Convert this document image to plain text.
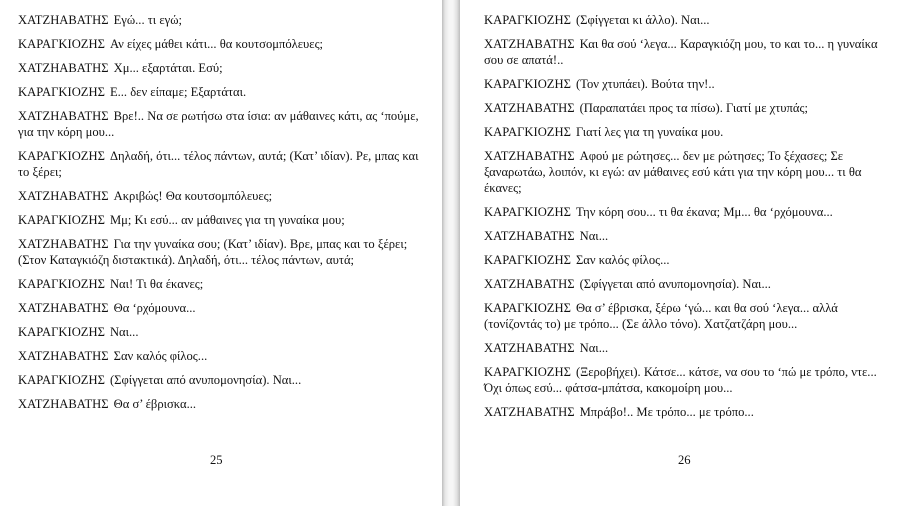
ΧΑΤΖΗΑΒΑΤΗΣ Εγώ... τι εγώ;

ΚΑΡΑΓΚΙΟΖΗΣ Αν είχες μάθει κάτι... θα κουτσομπόλευες;

ΧΑΤΖΗΑΒΑΤΗΣ Χμ... εξαρτάται. Εσύ;

ΚΑΡΑΓΚΙΟΖΗΣ Ε... δεν είπαμε; Εξαρτάται.

ΧΑΤΖΗΑΒΑΤΗΣ Βρε!.. Να σε ρωτήσω στα ίσια: αν μάθαινες κάτι, ας ‘πούμε, για την κόρη μου...

ΚΑΡΑΓΚΙΟΖΗΣ Δηλαδή, ότι... τέλος πάντων, αυτά; (Κατ’ ιδίαν). Ρε, μπας και το ξέρει;

ΧΑΤΖΗΑΒΑΤΗΣ Ακριβώς! Θα κουτσομπόλευες;

ΚΑΡΑΓΚΙΟΖΗΣ Μμ; Κι εσύ... αν μάθαινες για τη γυναίκα μου;

ΧΑΤΖΗΑΒΑΤΗΣ Για την γυναίκα σου; (Κατ’ ιδίαν). Βρε, μπας και το ξέρει; (Στον Καταγκιόζη διστακτικά). Δηλαδή, ότι... τέλος πάντων, αυτά;

ΚΑΡΑΓΚΙΟΖΗΣ Ναι! Τι θα έκανες;

ΧΑΤΖΗΑΒΑΤΗΣ Θα ‘ρχόμουνα...

ΚΑΡΑΓΚΙΟΖΗΣ Ναι...

ΧΑΤΖΗΑΒΑΤΗΣ Σαν καλός φίλος...

ΚΑΡΑΓΚΙΟΖΗΣ (Σφίγγεται από ανυπομονησία). Ναι...

ΧΑΤΖΗΑΒΑΤΗΣ Θα σ’ έβρισκα...

25

ΚΑΡΑΓΚΙΟΖΗΣ (Σφίγγεται κι άλλο). Ναι...

ΧΑΤΖΗΑΒΑΤΗΣ Και θα σού ‘λεγα... Καραγκιόζη μου, το και το... η γυναίκα σου σε απατά!..

ΚΑΡΑΓΚΙΟΖΗΣ (Τον χτυπάει). Βούτα την!..

ΧΑΤΖΗΑΒΑΤΗΣ (Παραπατάει προς τα πίσω). Γιατί με χτυπάς;

ΚΑΡΑΓΚΙΟΖΗΣ Γιατί λες για τη γυναίκα μου.

ΧΑΤΖΗΑΒΑΤΗΣ Αφού με ρώτησες... δεν με ρώτησες; Το ξέχασες; Σε ξαναρωτάω, λοιπόν, κι εγώ: αν μάθαινες εσύ κάτι για την κόρη μου... τι θα έκανες;

ΚΑΡΑΓΚΙΟΖΗΣ Την κόρη σου... τι θα έκανα; Μμ... θα ‘ρχόμουνα...

ΧΑΤΖΗΑΒΑΤΗΣ Ναι...

ΚΑΡΑΓΚΙΟΖΗΣ Σαν καλός φίλος...

ΧΑΤΖΗΑΒΑΤΗΣ (Σφίγγεται από ανυπομονησία). Ναι...

ΚΑΡΑΓΚΙΟΖΗΣ Θα σ’ έβρισκα, ξέρω ‘γώ... και θα σού ‘λεγα... αλλά (τονίζοντάς το) με τρόπο... (Σε άλλο τόνο). Χατζατζάρη μου...

ΧΑΤΖΗΑΒΑΤΗΣ Ναι...

ΚΑΡΑΓΚΙΟΖΗΣ (Ξεροβήχει). Κάτσε... κάτσε, να σου το ‘πώ με τρόπο, ντε... Όχι όπως εσύ... φάτσα-μπάτσα, κακομοίρη μου...

ΧΑΤΖΗΑΒΑΤΗΣ Μπράβο!.. Με τρόπο... με τρόπο...

26
